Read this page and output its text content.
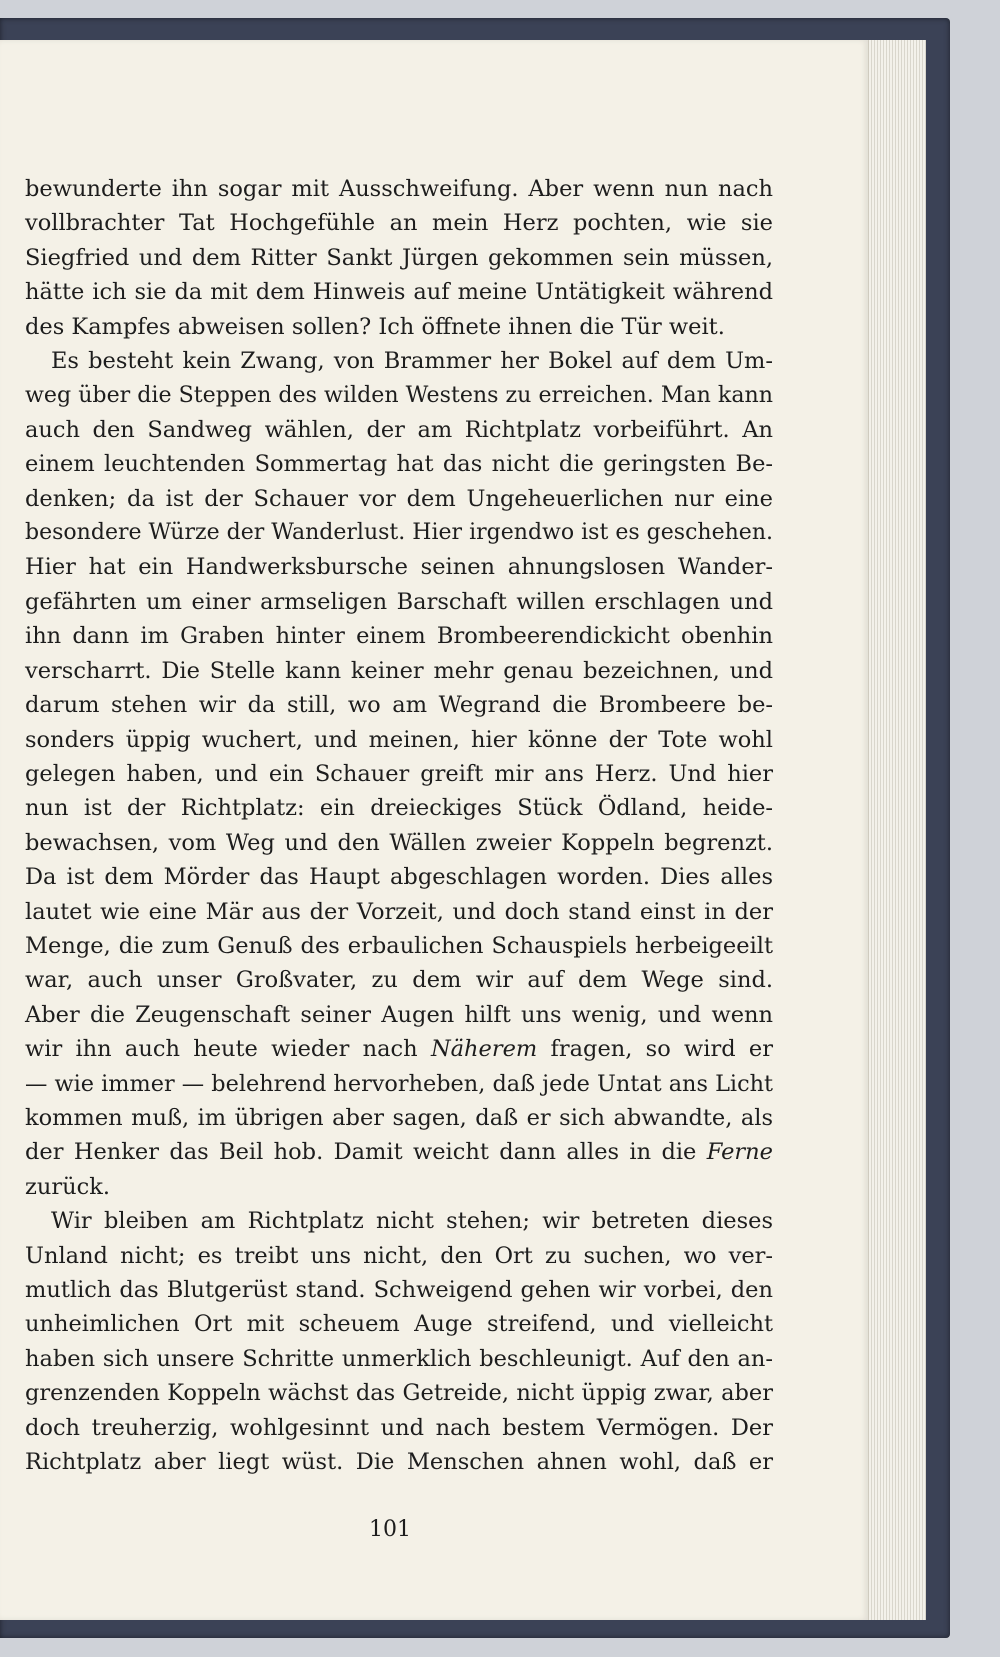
bewunderte ihn sogar mit Ausschweifung. Aber wenn nun nach
vollbrachter Tat Hochgefühle an mein Herz pochten, wie sie
Siegfried und dem Ritter Sankt Jürgen gekommen sein müssen,
hätte ich sie da mit dem Hinweis auf meine Untätigkeit während
des Kampfes abweisen sollen? Ich öffnete ihnen die Tür weit.
Es besteht kein Zwang, von Brammer her Bokel auf dem Um-
weg über die Steppen des wilden Westens zu erreichen. Man kann
auch den Sandweg wählen, der am Richtplatz vorbeiführt. An
einem leuchtenden Sommertag hat das nicht die geringsten Be-
denken; da ist der Schauer vor dem Ungeheuerlichen nur eine
besondere Würze der Wanderlust. Hier irgendwo ist es geschehen.
Hier hat ein Handwerksbursche seinen ahnungslosen Wander-
gefährten um einer armseligen Barschaft willen erschlagen und
ihn dann im Graben hinter einem Brombeerendickicht obenhin
verscharrt. Die Stelle kann keiner mehr genau bezeichnen, und
darum stehen wir da still, wo am Wegrand die Brombeere be-
sonders üppig wuchert, und meinen, hier könne der Tote wohl
gelegen haben, und ein Schauer greift mir ans Herz. Und hier
nun ist der Richtplatz: ein dreieckiges Stück Ödland, heide-
bewachsen, vom Weg und den Wällen zweier Koppeln begrenzt.
Da ist dem Mörder das Haupt abgeschlagen worden. Dies alles
lautet wie eine Mär aus der Vorzeit, und doch stand einst in der
Menge, die zum Genuß des erbaulichen Schauspiels herbeigeeilt
war, auch unser Großvater, zu dem wir auf dem Wege sind.
Aber die Zeugenschaft seiner Augen hilft uns wenig, und wenn
wir ihn auch heute wieder nach Näherem fragen, so wird er
— wie immer — belehrend hervorheben, daß jede Untat ans Licht
kommen muß, im übrigen aber sagen, daß er sich abwandte, als
der Henker das Beil hob. Damit weicht dann alles in die Ferne
zurück.
Wir bleiben am Richtplatz nicht stehen; wir betreten dieses
Unland nicht; es treibt uns nicht, den Ort zu suchen, wo ver-
mutlich das Blutgerüst stand. Schweigend gehen wir vorbei, den
unheimlichen Ort mit scheuem Auge streifend, und vielleicht
haben sich unsere Schritte unmerklich beschleunigt. Auf den an-
grenzenden Koppeln wächst das Getreide, nicht üppig zwar, aber
doch treuherzig, wohlgesinnt und nach bestem Vermögen. Der
Richtplatz aber liegt wüst. Die Menschen ahnen wohl, daß er
101
